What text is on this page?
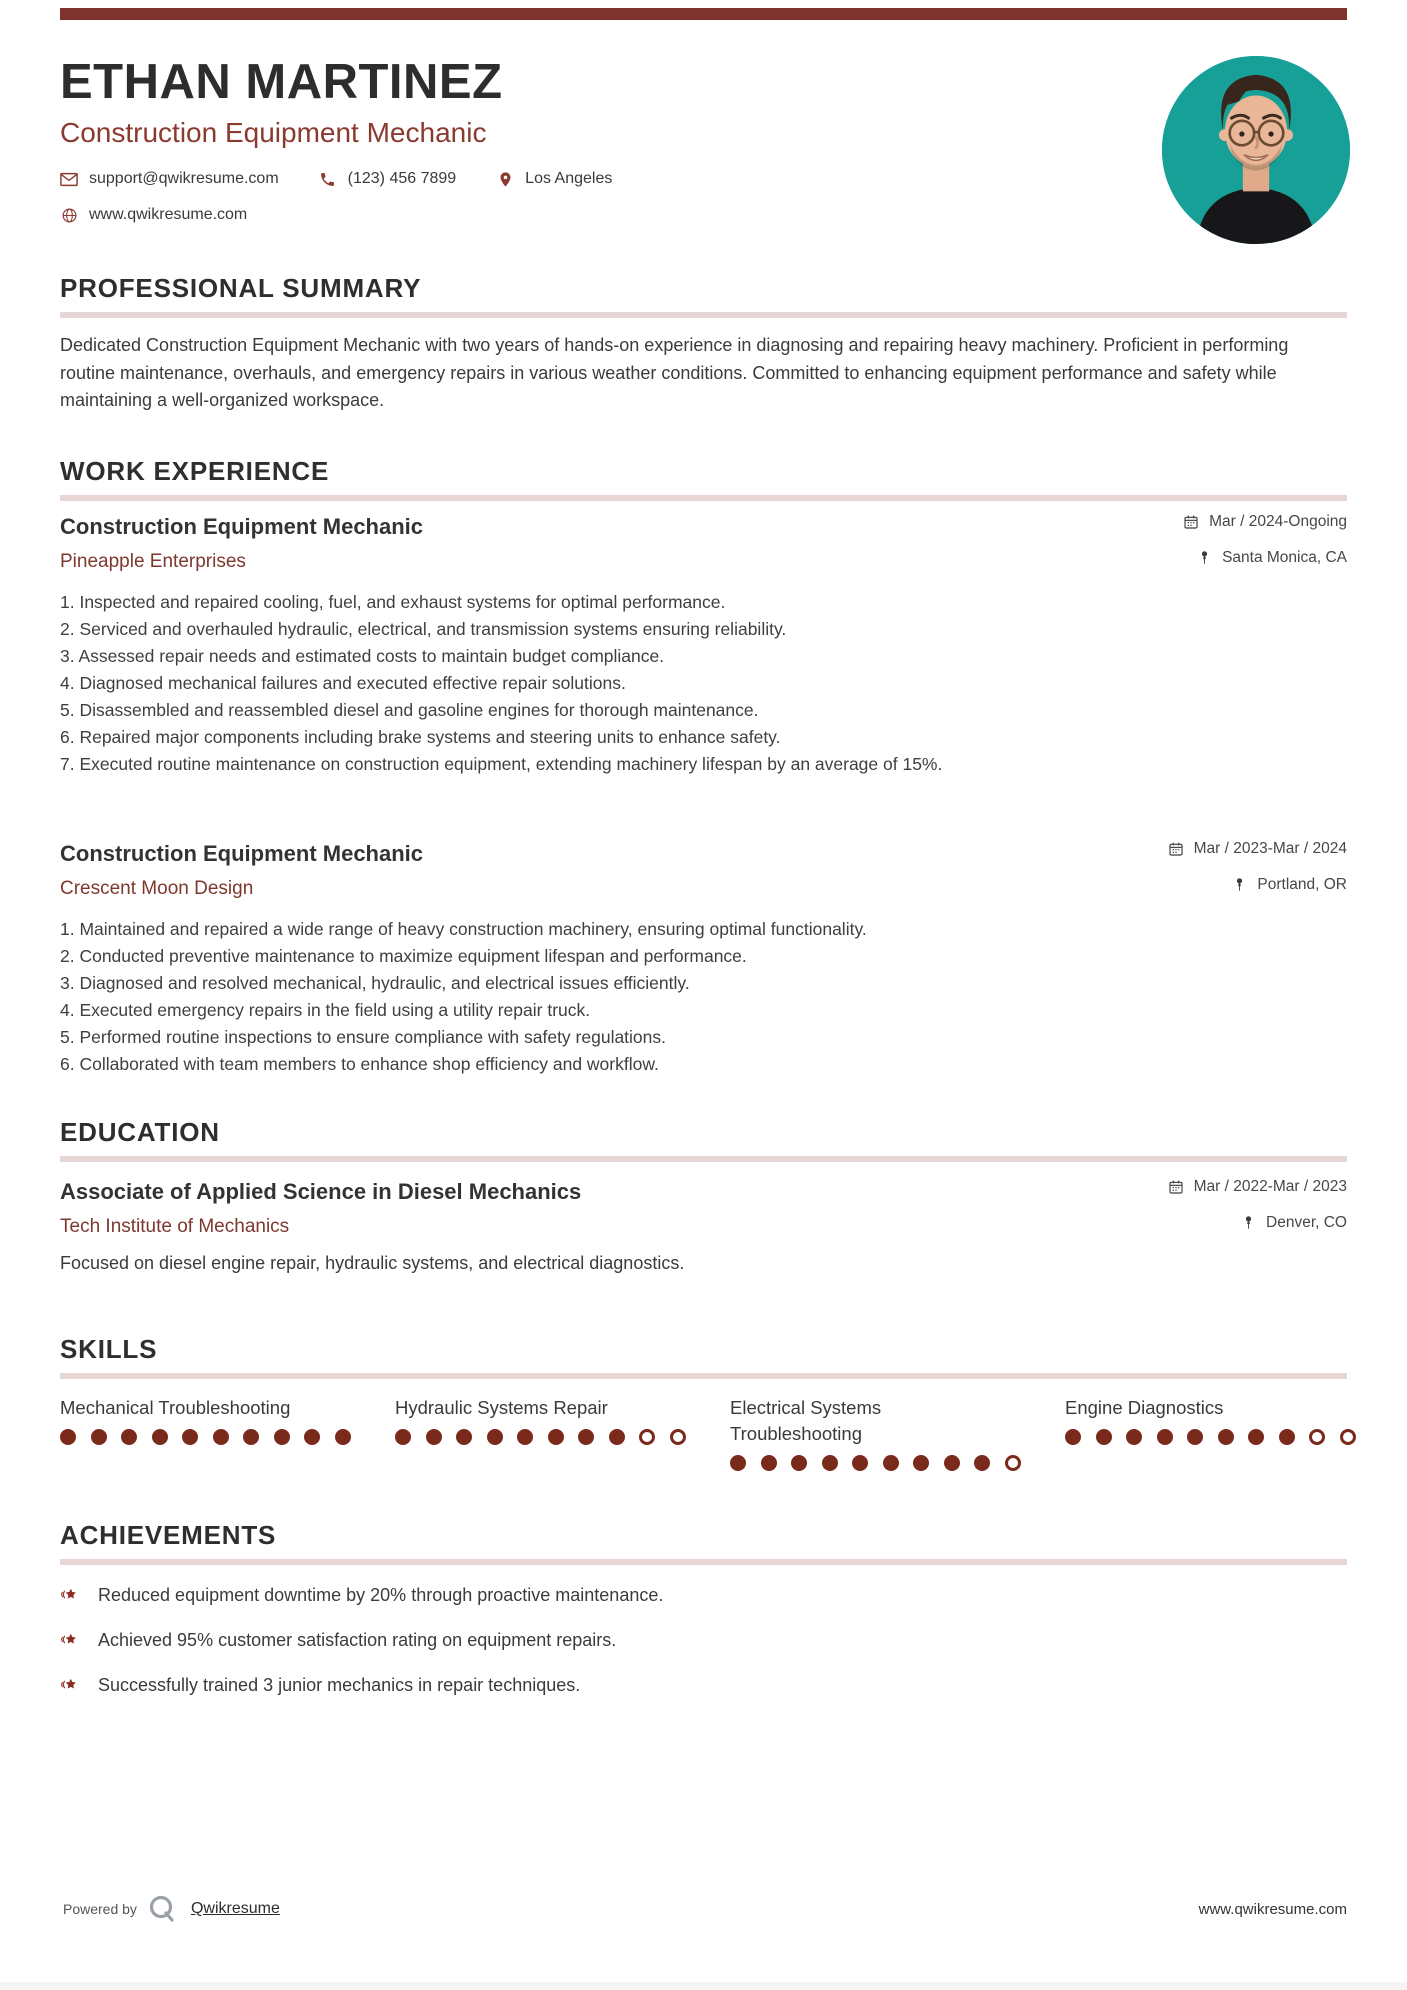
ETHAN MARTINEZ
Construction Equipment Mechanic
support@qwikresume.com	(123) 456 7899	Los Angeles
www.qwikresume.com
PROFESSIONAL SUMMARY
Dedicated Construction Equipment Mechanic with two years of hands-on experience in diagnosing and repairing heavy machinery. Proficient in performing routine maintenance, overhauls, and emergency repairs in various weather conditions. Committed to enhancing equipment performance and safety while maintaining a well-organized workspace.
WORK EXPERIENCE
Construction Equipment Mechanic	Mar / 2024-Ongoing
Pineapple Enterprises	Santa Monica, CA
1. Inspected and repaired cooling, fuel, and exhaust systems for optimal performance.
2. Serviced and overhauled hydraulic, electrical, and transmission systems ensuring reliability.
3. Assessed repair needs and estimated costs to maintain budget compliance.
4. Diagnosed mechanical failures and executed effective repair solutions.
5. Disassembled and reassembled diesel and gasoline engines for thorough maintenance.
6. Repaired major components including brake systems and steering units to enhance safety.
7. Executed routine maintenance on construction equipment, extending machinery lifespan by an average of 15%.
Construction Equipment Mechanic	Mar / 2023-Mar / 2024
Crescent Moon Design	Portland, OR
1. Maintained and repaired a wide range of heavy construction machinery, ensuring optimal functionality.
2. Conducted preventive maintenance to maximize equipment lifespan and performance.
3. Diagnosed and resolved mechanical, hydraulic, and electrical issues efficiently.
4. Executed emergency repairs in the field using a utility repair truck.
5. Performed routine inspections to ensure compliance with safety regulations.
6. Collaborated with team members to enhance shop efficiency and workflow.
EDUCATION
Associate of Applied Science in Diesel Mechanics	Mar / 2022-Mar / 2023
Tech Institute of Mechanics	Denver, CO
Focused on diesel engine repair, hydraulic systems, and electrical diagnostics.
SKILLS
Mechanical Troubleshooting	Hydraulic Systems Repair	Electrical Systems Troubleshooting
Engine Diagnostics
ACHIEVEMENTS
Reduced equipment downtime by 20% through proactive maintenance.
Achieved 95% customer satisfaction rating on equipment repairs.
Successfully trained 3 junior mechanics in repair techniques.
Powered by	Qwikresume	www.qwikresume.com
